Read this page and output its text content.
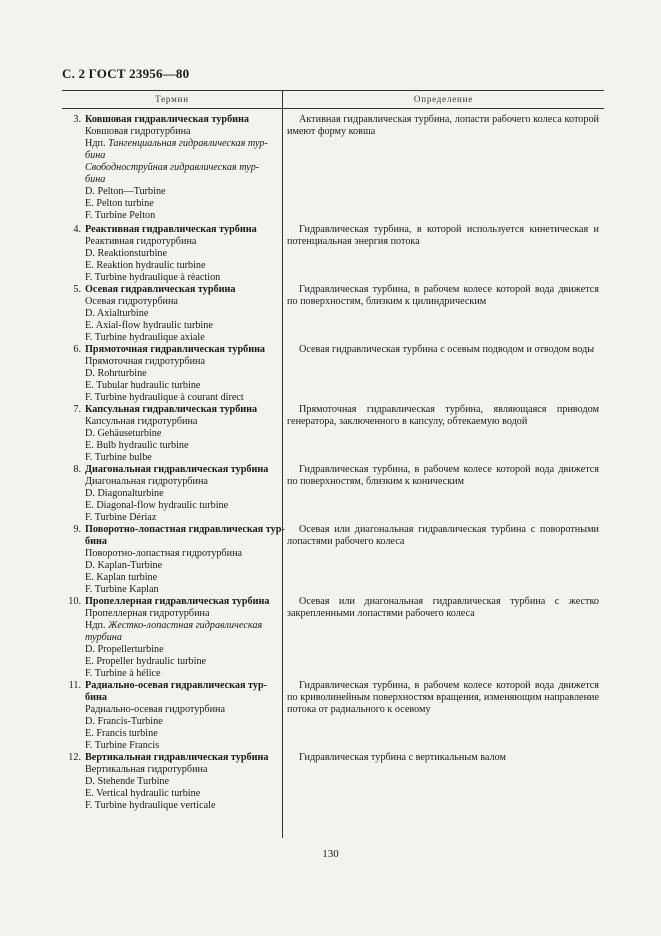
С. 2 ГОСТ 23956—80
Термин	Определение
3. Ковшовая гидравлическая турбина
Ковшовая гидротурбина
Ндп. Тангенциальная гидравлическая тур-
бина
Свободноструйная гидравлическая тур-
бина
D. Pelton—Turbine
E. Pelton turbine
F. Turbine Pelton
Активная гидравлическая турбина, лопасти рабочего колеса которой имеют форму ковша
4. Реактивная гидравлическая турбина
Реактивная гидротурбина
D. Reaktionsturbine
E. Reaktion hydraulic turbine
F. Turbine hydraulique à rèaction
Гидравлическая турбина, в которой используется кинетическая и потенциальная энергия потока
5. Осевая гидравлическая турбина
Осевая гидротурбина
D. Axialturbine
E. Axial-flow hydraulic turbine
F. Turbine hydraulique axiale
Гидравлическая турбина, в рабочем колесе которой вода движется по поверхностям, близким к цилиндрическим
6. Прямоточная гидравлическая турбина
Прямоточная гидротурбина
D. Rohrturbine
E. Tubular hudraulic turbine
F. Turbine hydraulique à courant direct
Осевая гидравлическая турбина с осевым подводом и отводом воды
7. Капсульная гидравлическая турбина
Капсульная гидротурбина
D. Gehäuseturbine
E. Bulb hydraulic turbine
F. Turbine bulbe
Прямоточная гидравлическая турбина, являющаяся приводом генератора, заключенного в капсулу, обтекаемую водой
8. Диагональная гидравлическая турбина
Диагональная гидротурбина
D. Diagonalturbine
E. Diagonal-flow hydraulic turbine
F. Turbine Dériaz
Гидравлическая турбина, в рабочем колесе которой вода движется по поверхностям, близким к коническим
9. Поворотно-лопастная гидравлическая тур-
бина
Поворотно-лопастная гидротурбина
D. Kaplan-Turbine
E. Kaplan turbine
F. Turbine Kaplan
Осевая или диагональная гидравлическая турбина с поворотными лопастями рабочего колеса
10. Пропеллерная гидравлическая турбина
Пропеллерная гидротурбина
Ндп. Жестко-лопастная гидравлическая
турбина
D. Propellerturbine
E. Propeller hydraulic turbine
F. Turbine à hélice
Осевая или диагональная гидравлическая турбина с жестко закрепленными лопастями рабочего колеса
11. Радиально-осевая гидравлическая тур-
бина
Радиально-осевая гидротурбина
D. Francis-Turbine
E. Francis turbine
F. Turbine Francis
Гидравлическая турбина, в рабочем колесе которой вода движется по криволинейным поверхностям вращения, изменяющим направление потока от радиального к осевому
12. Вертикальная гидравлическая турбина
Вертикальная гидротурбина
D. Stehende Turbine
E. Vertical hydraulic turbine
F. Turbine hydraulique verticale
Гидравлическая турбина с вертикальным валом
130
